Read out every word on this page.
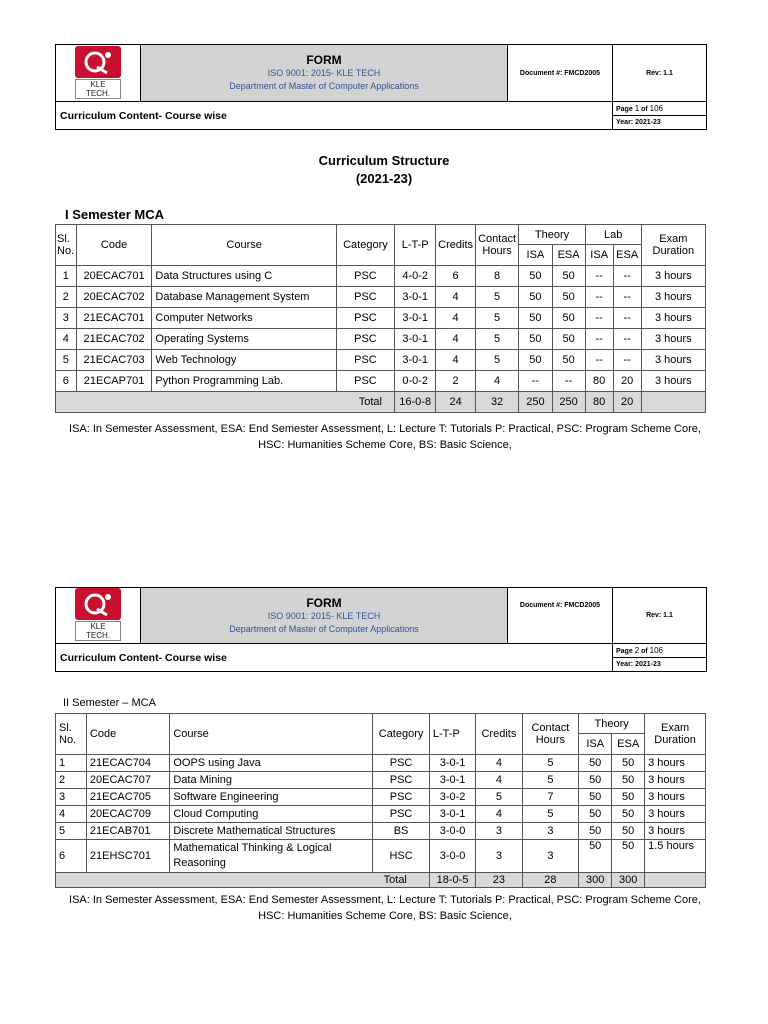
KLE TECH.	FORM
ISO 9001: 2015- KLE TECH
Department of Master of Computer Applications	Document #: FMCD2005	Rev: 1.1
Curriculum Content- Course wise			Page 1 of 106
			Year: 2021-23
Curriculum Structure
(2021-23)
I Semester MCA
Sl. No.	Code	Course	Category	L-T-P	Credits	Contact Hours	Theory		Lab		Exam Duration
							ISA	ESA	ISA	ESA	
1	20ECAC701	Data Structures using C	PSC	4-0-2	6	8	50	50	--	--	3 hours
2	20ECAC702	Database Management System	PSC	3-0-1	4	5	50	50	--	--	3 hours
3	21ECAC701	Computer Networks	PSC	3-0-1	4	5	50	50	--	--	3 hours
4	21ECAC702	Operating Systems	PSC	3-0-1	4	5	50	50	--	--	3 hours
5	21ECAC703	Web Technology	PSC	3-0-1	4	5	50	50	--	--	3 hours
6	21ECAP701	Python Programming Lab.	PSC	0-0-2	2	4	--	--	80	20	3 hours
Total				16-0-8	24	32	250	250	80	20	
ISA: In Semester Assessment, ESA: End Semester Assessment, L: Lecture T: Tutorials P: Practical, PSC: Program Scheme Core, HSC: Humanities Scheme Core, BS: Basic Science,
KLE TECH.	FORM
ISO 9001: 2015- KLE TECH
Department of Master of Computer Applications	Document #: FMCD2005	Rev: 1.1
Curriculum Content- Course wise			Page 2 of 106
			Year: 2021-23
II Semester – MCA
Sl. No.	Code	Course	Category	L-T-P	Credits	Contact Hours	Theory		Exam Duration
							ISA	ESA	
1	21ECAC704	OOPS using Java	PSC	3-0-1	4	5	50	50	3 hours
2	20ECAC707	Data Mining	PSC	3-0-1	4	5	50	50	3 hours
3	21ECAC705	Software Engineering	PSC	3-0-2	5	7	50	50	3 hours
4	20ECAC709	Cloud Computing	PSC	3-0-1	4	5	50	50	3 hours
5	21ECAB701	Discrete Mathematical Structures	BS	3-0-0	3	3	50	50	3 hours
6	21EHSC701	Mathematical Thinking & Logical Reasoning	HSC	3-0-0	3	3	50	50	1.5 hours
Total				18-0-5	23	28	300	300	
ISA: In Semester Assessment, ESA: End Semester Assessment, L: Lecture T: Tutorials P: Practical, PSC: Program Scheme Core, HSC: Humanities Scheme Core, BS: Basic Science,
